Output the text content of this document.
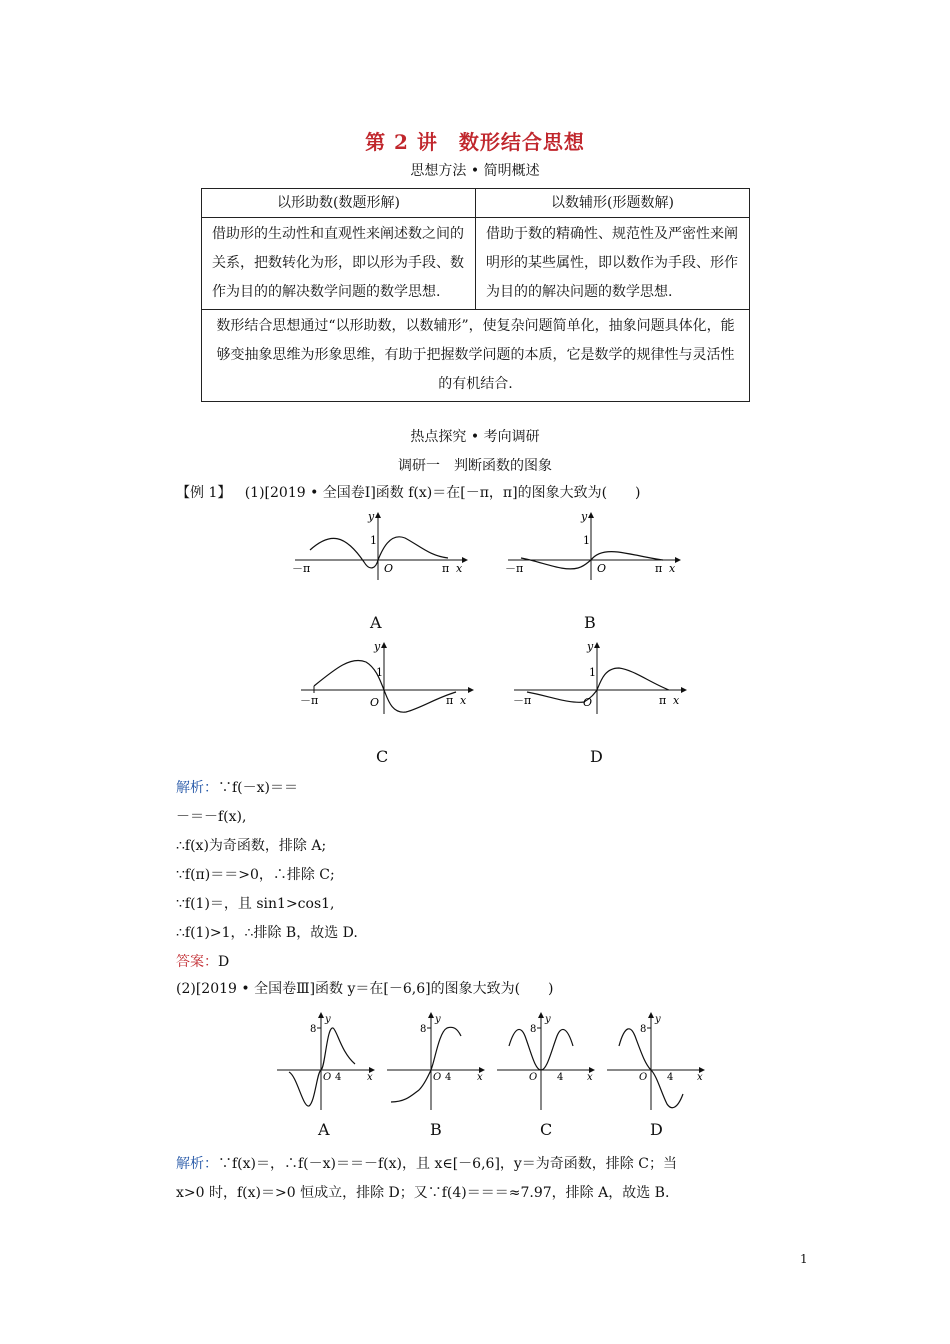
第 2 讲　数形结合思想
思想方法 • 简明概述
以形助数(数题形解)	以数辅形(形题数解)
借助形的生动性和直观性来阐述数之间的关系，把数转化为形，即以形为手段、数作为目的的解决数学问题的数学思想.	借助于数的精确性、规范性及严密性来阐明形的某些属性，即以数作为手段、形作为目的的解决问题的数学思想.
数形结合思想通过“以形助数，以数辅形”，使复杂问题简单化，抽象问题具体化，能够变抽象思维为形象思维，有助于把握数学问题的本质，它是数学的规律性与灵活性的有机结合.	
热点探究 • 考向调研
调研一　判断函数的图象
【例 1】 (1)[2019 • 全国卷Ⅰ]函数 f(x)＝在[－π，π]的图象大致为(　　)
y
1
－π	O	π x
y
1
－π	O	π x
A	B
y
1
－π	O	π x
y
1
－π	O	π x
C	D
解析：∵f(－x)＝＝
－＝－f(x),
∴f(x)为奇函数，排除 A;
∵f(π)＝＝>0，∴排除 C;
∵f(1)＝，且 sin1>cos1,
∴f(1)>1，∴排除 B，故选 D.
答案：D
(2)[2019 • 全国卷Ⅲ]函数 y＝在[－6,6]的图象大致为(　　)
y
8
O 4	x
y
8
O 4	x
y
8
O 4 x
y
8
O 4 x
A	B	C	D
解析：∵f(x)＝，∴f(－x)＝＝－f(x)，且 x∈[－6,6]，y＝为奇函数，排除 C；当
x>0 时，f(x)＝>0 恒成立，排除 D；又∵f(4)＝＝＝≈7.97，排除 A，故选 B.
1
